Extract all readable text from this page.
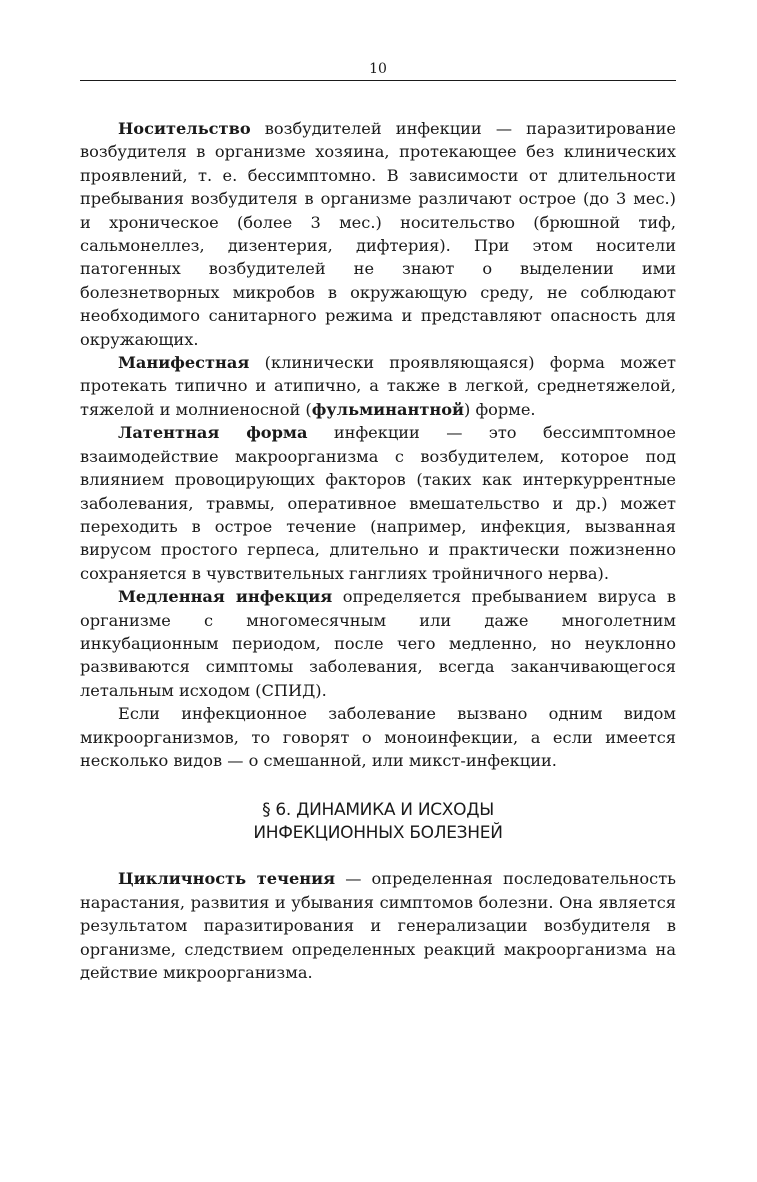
10

Носительство возбудителей инфекции — паразитирование возбудителя в организме хозяина, протекающее без клинических проявлений, т. е. бессимптомно. В зависимости от длительности пребывания возбудителя в организме различают острое (до 3 мес.) и хроническое (более 3 мес.) носительство (брюшной тиф, сальмонеллез, дизентерия, дифтерия). При этом носители патогенных возбудителей не знают о выделении ими болезнетворных микробов в окружающую среду, не соблюдают необходимого санитарного режима и представляют опасность для окружающих.

Манифестная (клинически проявляющаяся) форма может протекать типично и атипично, а также в легкой, среднетяжелой, тяжелой и молниеносной (фульминантной) форме.

Латентная форма инфекции — это бессимптомное взаимодействие макроорганизма с возбудителем, которое под влиянием провоцирующих факторов (таких как интеркуррентные заболевания, травмы, оперативное вмешательство и др.) может переходить в острое течение (например, инфекция, вызванная вирусом простого герпеса, длительно и практически пожизненно сохраняется в чувствительных ганглиях тройничного нерва).

Медленная инфекция определяется пребыванием вируса в организме с многомесячным или даже многолетним инкубационным периодом, после чего медленно, но неуклонно развиваются симптомы заболевания, всегда заканчивающегося летальным исходом (СПИД).

Если инфекционное заболевание вызвано одним видом микроорганизмов, то говорят о моноинфекции, а если имеется несколько видов — о смешанной, или микст-инфекции.

§ 6. ДИНАМИКА И ИСХОДЫ
ИНФЕКЦИОННЫХ БОЛЕЗНЕЙ

Цикличность течения — определенная последовательность нарастания, развития и убывания симптомов болезни. Она является результатом паразитирования и генерализации возбудителя в организме, следствием определенных реакций макроорганизма на действие микроорганизма.
